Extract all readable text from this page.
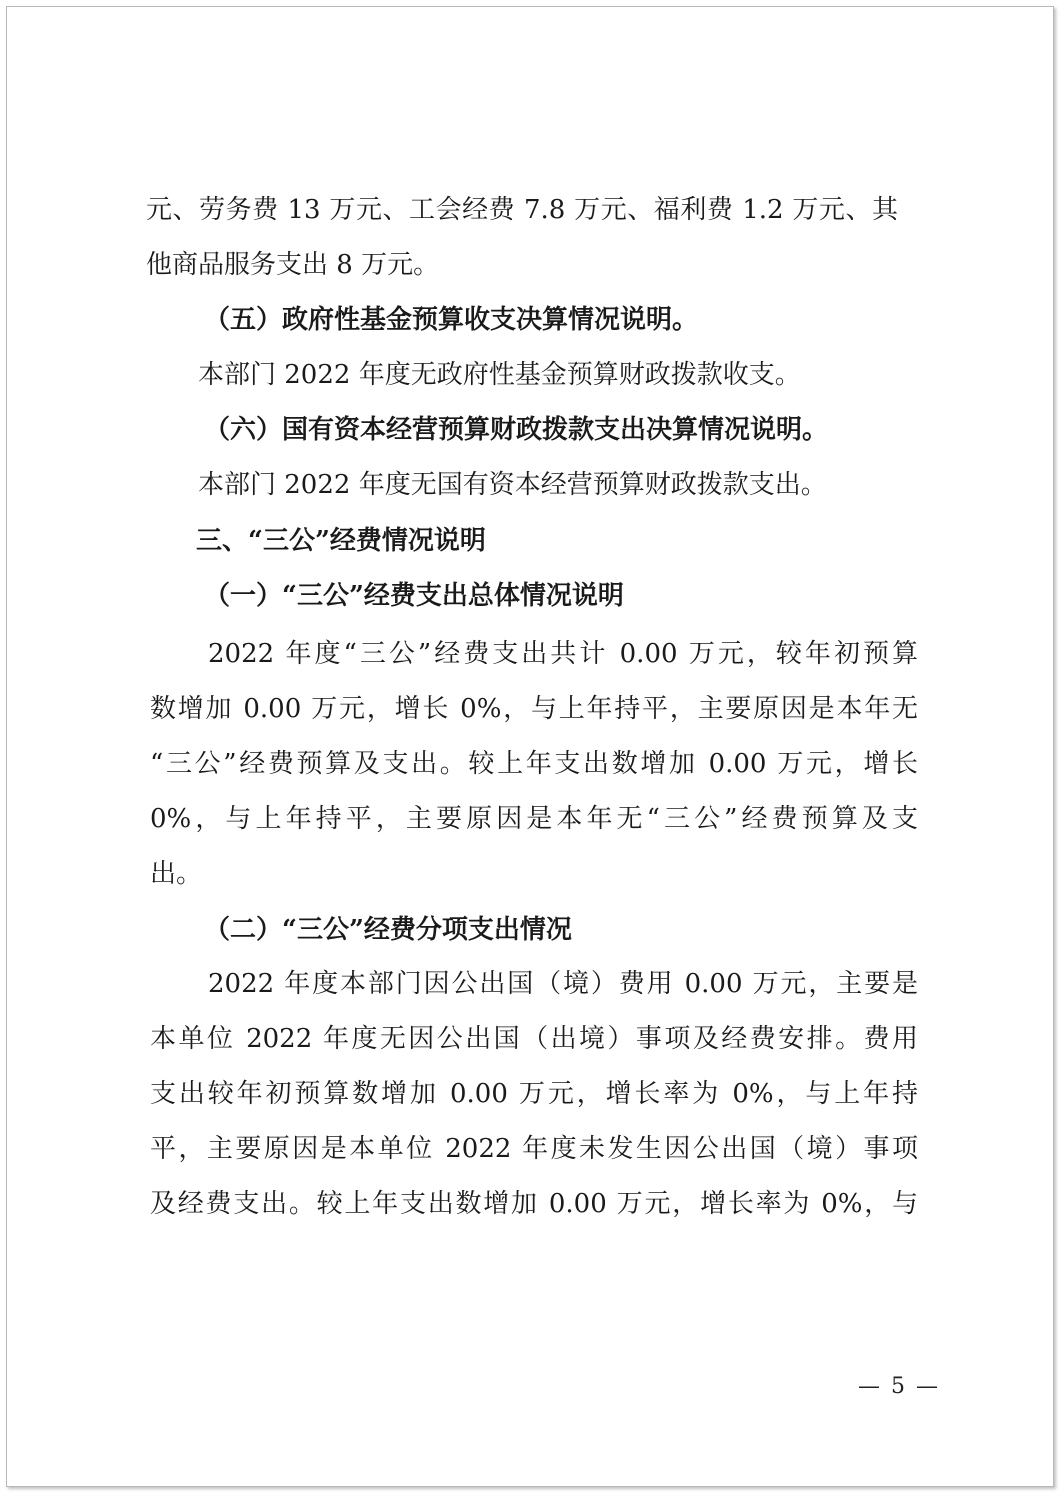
元、劳务费 13 万元、工会经费 7.8 万元、福利费 1.2 万元、其
他商品服务支出 8 万元。
（五）政府性基金预算收支决算情况说明。
本部门 2022 年度无政府性基金预算财政拨款收支。
（六）国有资本经营预算财政拨款支出决算情况说明。
本部门 2022 年度无国有资本经营预算财政拨款支出。
三、“三公”经费情况说明
（一）“三公”经费支出总体情况说明
2022 年度“三公”经费支出共计 0.00 万元，较年初预算
数增加 0.00 万元，增长 0%，与上年持平，主要原因是本年无
“三公”经费预算及支出。较上年支出数增加 0.00 万元，增长
0%，与上年持平，主要原因是本年无“三公”经费预算及支
出。
（二）“三公”经费分项支出情况
2022 年度本部门因公出国（境）费用 0.00 万元，主要是
本单位 2022 年度无因公出国（出境）事项及经费安排。费用
支出较年初预算数增加 0.00 万元，增长率为 0%，与上年持
平，主要原因是本单位 2022 年度未发生因公出国（境）事项
及经费支出。较上年支出数增加 0.00 万元，增长率为 0%，与
— 5 —
